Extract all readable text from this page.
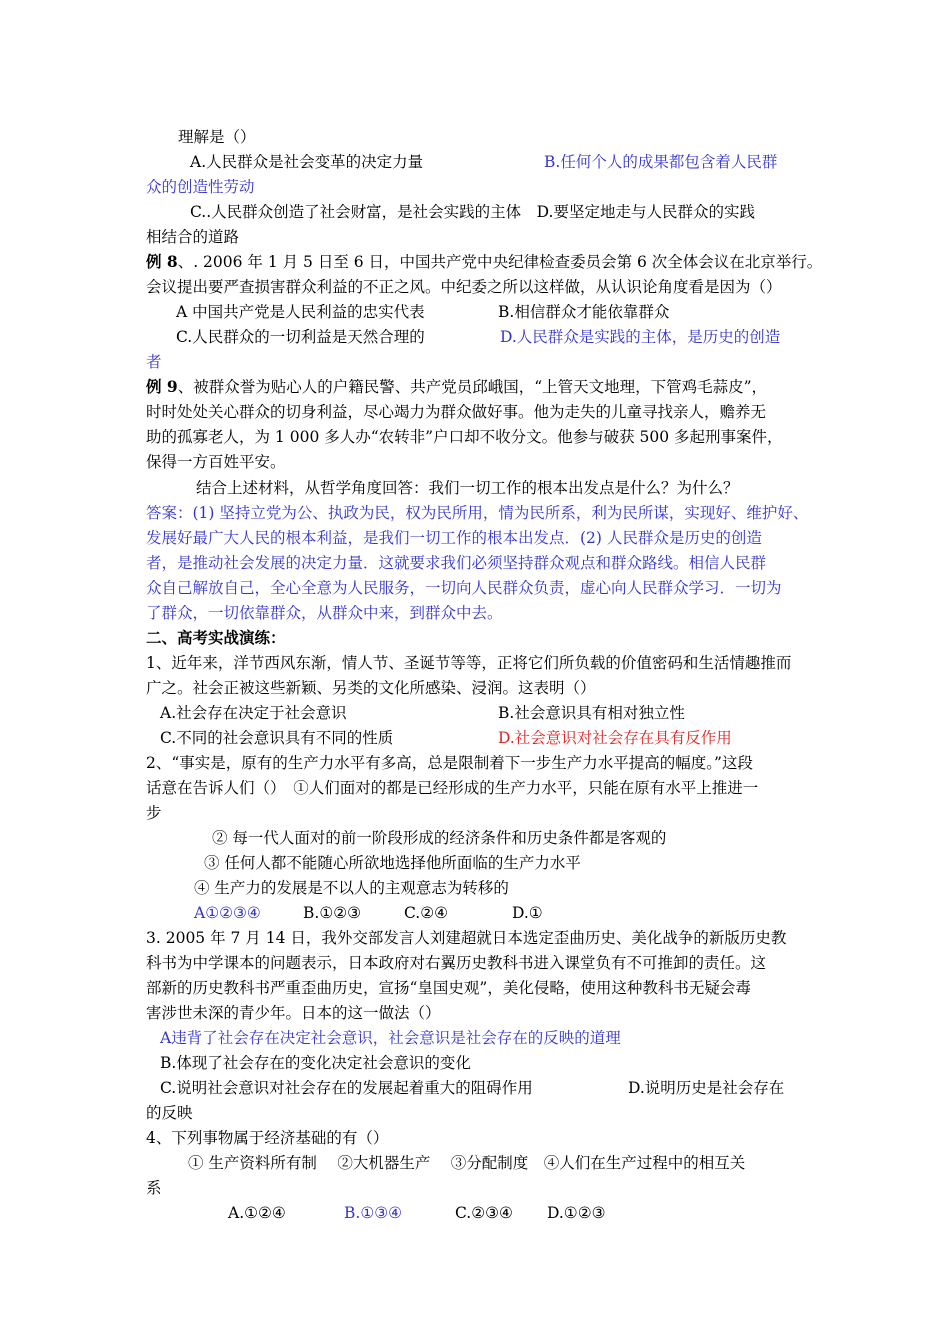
理解是（）
A.人民群众是社会变革的决定力量	B.任何个人的成果都包含着人民群
众的创造性劳动
C..人民群众创造了社会财富，是社会实践的主体　D.要坚定地走与人民群众的实践
相结合的道路
例 8、. 2006 年 1 月 5 日至 6 日，中国共产党中央纪律检查委员会第 6 次全体会议在北京举行。
会议提出要严查损害群众利益的不正之风。中纪委之所以这样做，从认识论角度看是因为（）
A 中国共产党是人民利益的忠实代表	B.相信群众才能依靠群众
C.人民群众的一切利益是天然合理的	D.人民群众是实践的主体，是历史的创造
者
例 9、被群众誉为贴心人的户籍民警、共产党员邱峨国，“上管天文地理，下管鸡毛蒜皮”，
时时处处关心群众的切身利益，尽心竭力为群众做好事。他为走失的儿童寻找亲人，赡养无
助的孤寡老人，为 1 000 多人办“农转非”户口却不收分文。他参与破获 500 多起刑事案件，
保得一方百姓平安。
结合上述材料，从哲学角度回答：我们一切工作的根本出发点是什么？为什么？
答案：(1) 坚持立党为公、执政为民，权为民所用，情为民所系，利为民所谋，实现好、维护好、
发展好最广大人民的根本利益，是我们一切工作的根本出发点．(2) 人民群众是历史的创造
者，是推动社会发展的决定力量．这就要求我们必须坚持群众观点和群众路线。相信人民群
众自己解放自己，全心全意为人民服务，一切向人民群众负责，虚心向人民群众学习．一切为
了群众，一切依靠群众，从群众中来，到群众中去。
二、高考实战演练：
1、近年来，洋节西风东渐，情人节、圣诞节等等，正将它们所负载的价值密码和生活情趣推而
广之。社会正被这些新颖、另类的文化所感染、浸润。这表明（）
A.社会存在决定于社会意识	B.社会意识具有相对独立性
C.不同的社会意识具有不同的性质	D.社会意识对社会存在具有反作用
2、“事实是，原有的生产力水平有多高，总是限制着下一步生产力水平提高的幅度。”这段
话意在告诉人们（）　①人们面对的都是已经形成的生产力水平，只能在原有水平上推进一
步
② 每一代人面对的前一阶段形成的经济条件和历史条件都是客观的
③ 任何人都不能随心所欲地选择他所面临的生产力水平
④ 生产力的发展是不以人的主观意志为转移的
A①②③④	B.①②③	C.②④	D.①
3. 2005 年 7 月 14 日，我外交部发言人刘建超就日本选定歪曲历史、美化战争的新版历史教
科书为中学课本的问题表示，日本政府对右翼历史教科书进入课堂负有不可推卸的责任。这
部新的历史教科书严重歪曲历史，宣扬“皇国史观”，美化侵略，使用这种教科书无疑会毒
害涉世未深的青少年。日本的这一做法（）
A违背了社会存在决定社会意识，社会意识是社会存在的反映的道理
B.体现了社会存在的变化决定社会意识的变化
C.说明社会意识对社会存在的发展起着重大的阻碍作用	D.说明历史是社会存在
的反映
4、下列事物属于经济基础的有（）
① 生产资料所有制　 ②大机器生产　 ③分配制度　④人们在生产过程中的相互关
系
A.①②④	B.①③④	C.②③④ D.①②③
